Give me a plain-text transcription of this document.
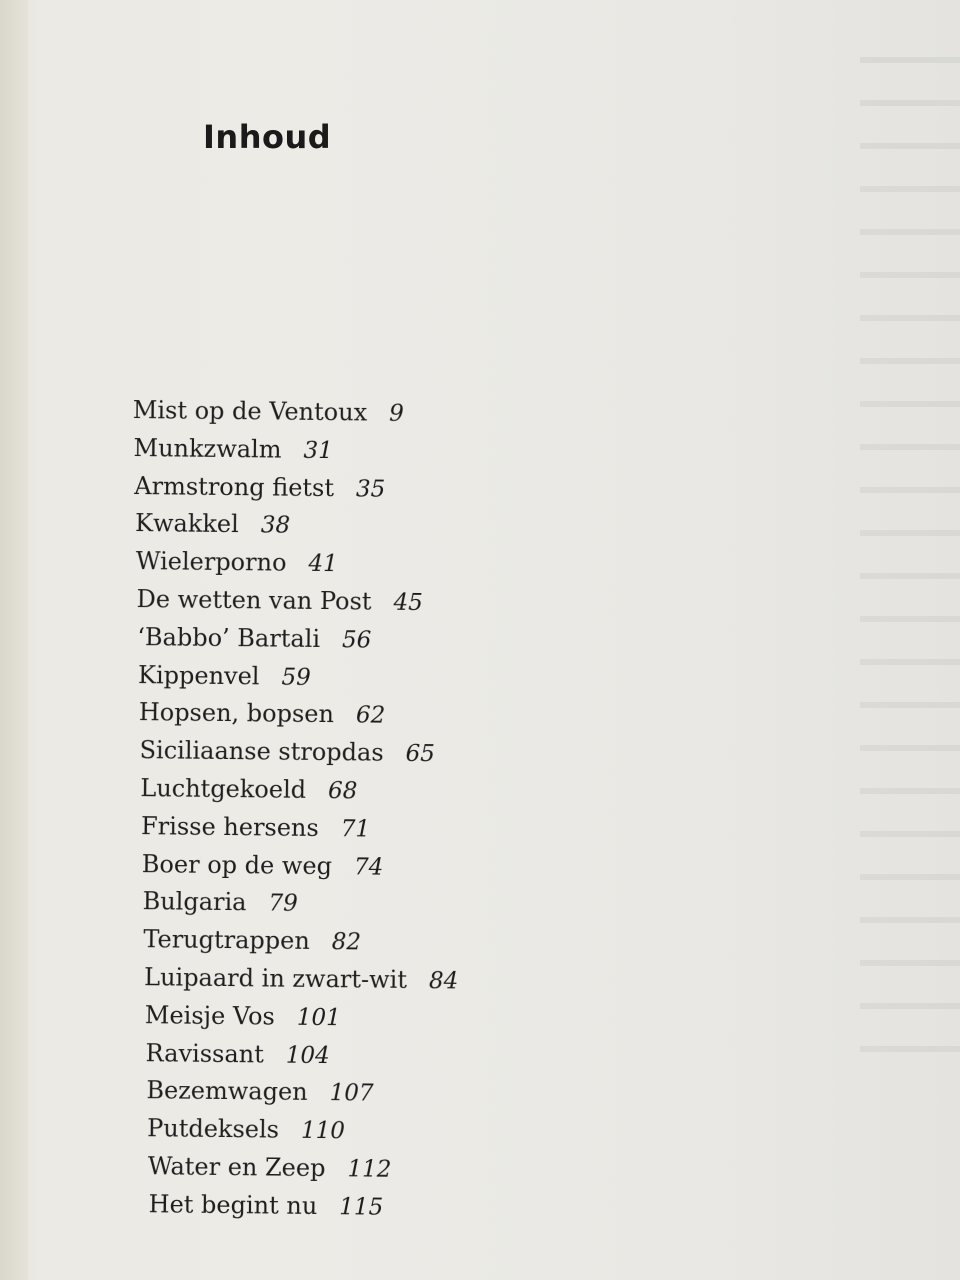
Inhoud
Mist op de Ventoux 9
Munkzwalm 31
Armstrong fietst 35
Kwakkel 38
Wielerporno 41
De wetten van Post 45
‘Babbo’ Bartali 56
Kippenvel 59
Hopsen, bopsen 62
Siciliaanse stropdas 65
Luchtgekoeld 68
Frisse hersens 71
Boer op de weg 74
Bulgaria 79
Terugtrappen 82
Luipaard in zwart-wit 84
Meisje Vos 101
Ravissant 104
Bezemwagen 107
Putdeksels 110
Water en Zeep 112
Het begint nu 115
